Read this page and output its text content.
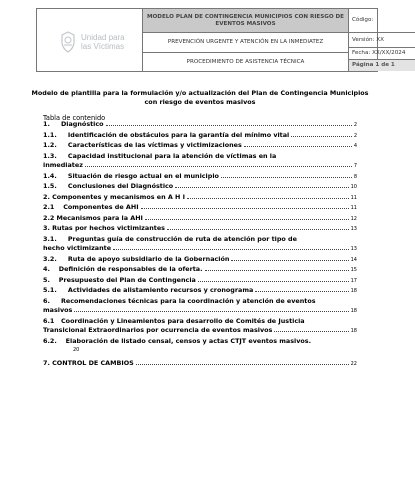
Unidad para
las Víctimas
MODELO PLAN DE CONTINGENCIA MUNICIPIOS CON RIESGO DE EVENTOS MASIVOS
PREVENCIÓN URGENTE Y ATENCIÓN EN LA INMEDIATEZ
PROCEDIMIENTO DE ASISTENCIA TÉCNICA
Código:
Versión: XX
Fecha: XX/XX/2024
Página 1 de 1
Modelo de plantilla para la formulación y/o actualización del Plan de Contingencia Municipios con riesgo de eventos masivos
Tabla de contenido
1.     Diagnóstico	2
1.1.     Identificación de obstáculos para la garantía del mínimo vital	2
1.2.     Características de las víctimas y victimizaciones	4
1.3.     Capacidad institucional para la atención de víctimas en la
inmediatez	7
1.4.     Situación de riesgo actual en el municipio	8
1.5.     Conclusiones del Diagnóstico	10
2. Componentes y mecanismos en A H I	11
2.1    Componentes de AHI	11
2.2 Mecanismos para la AHI	12
3. Rutas por hechos victimizantes	13
3.1.     Preguntas guía de construcción de ruta de atención por tipo de
hecho victimizante	13
3.2.     Ruta de apoyo subsidiario de la Gobernación	14
4.    Definición de responsables de la oferta.	15
5.    Presupuesto del Plan de Contingencia	17
5.1.     Actividades de alistamiento recursos y cronograma	18
6.     Recomendaciones técnicas para la coordinación y atención de eventos
masivos	18
6.1   Coordinación y Lineamientos para desarrollo de Comités de Justicia
Transicional Extraordinarios por ocurrencia de eventos masivos	18
6.2.    Elaboración de listado censal, censos y actas CTJT eventos masivos.
20
7. CONTROL DE CAMBIOS	22
